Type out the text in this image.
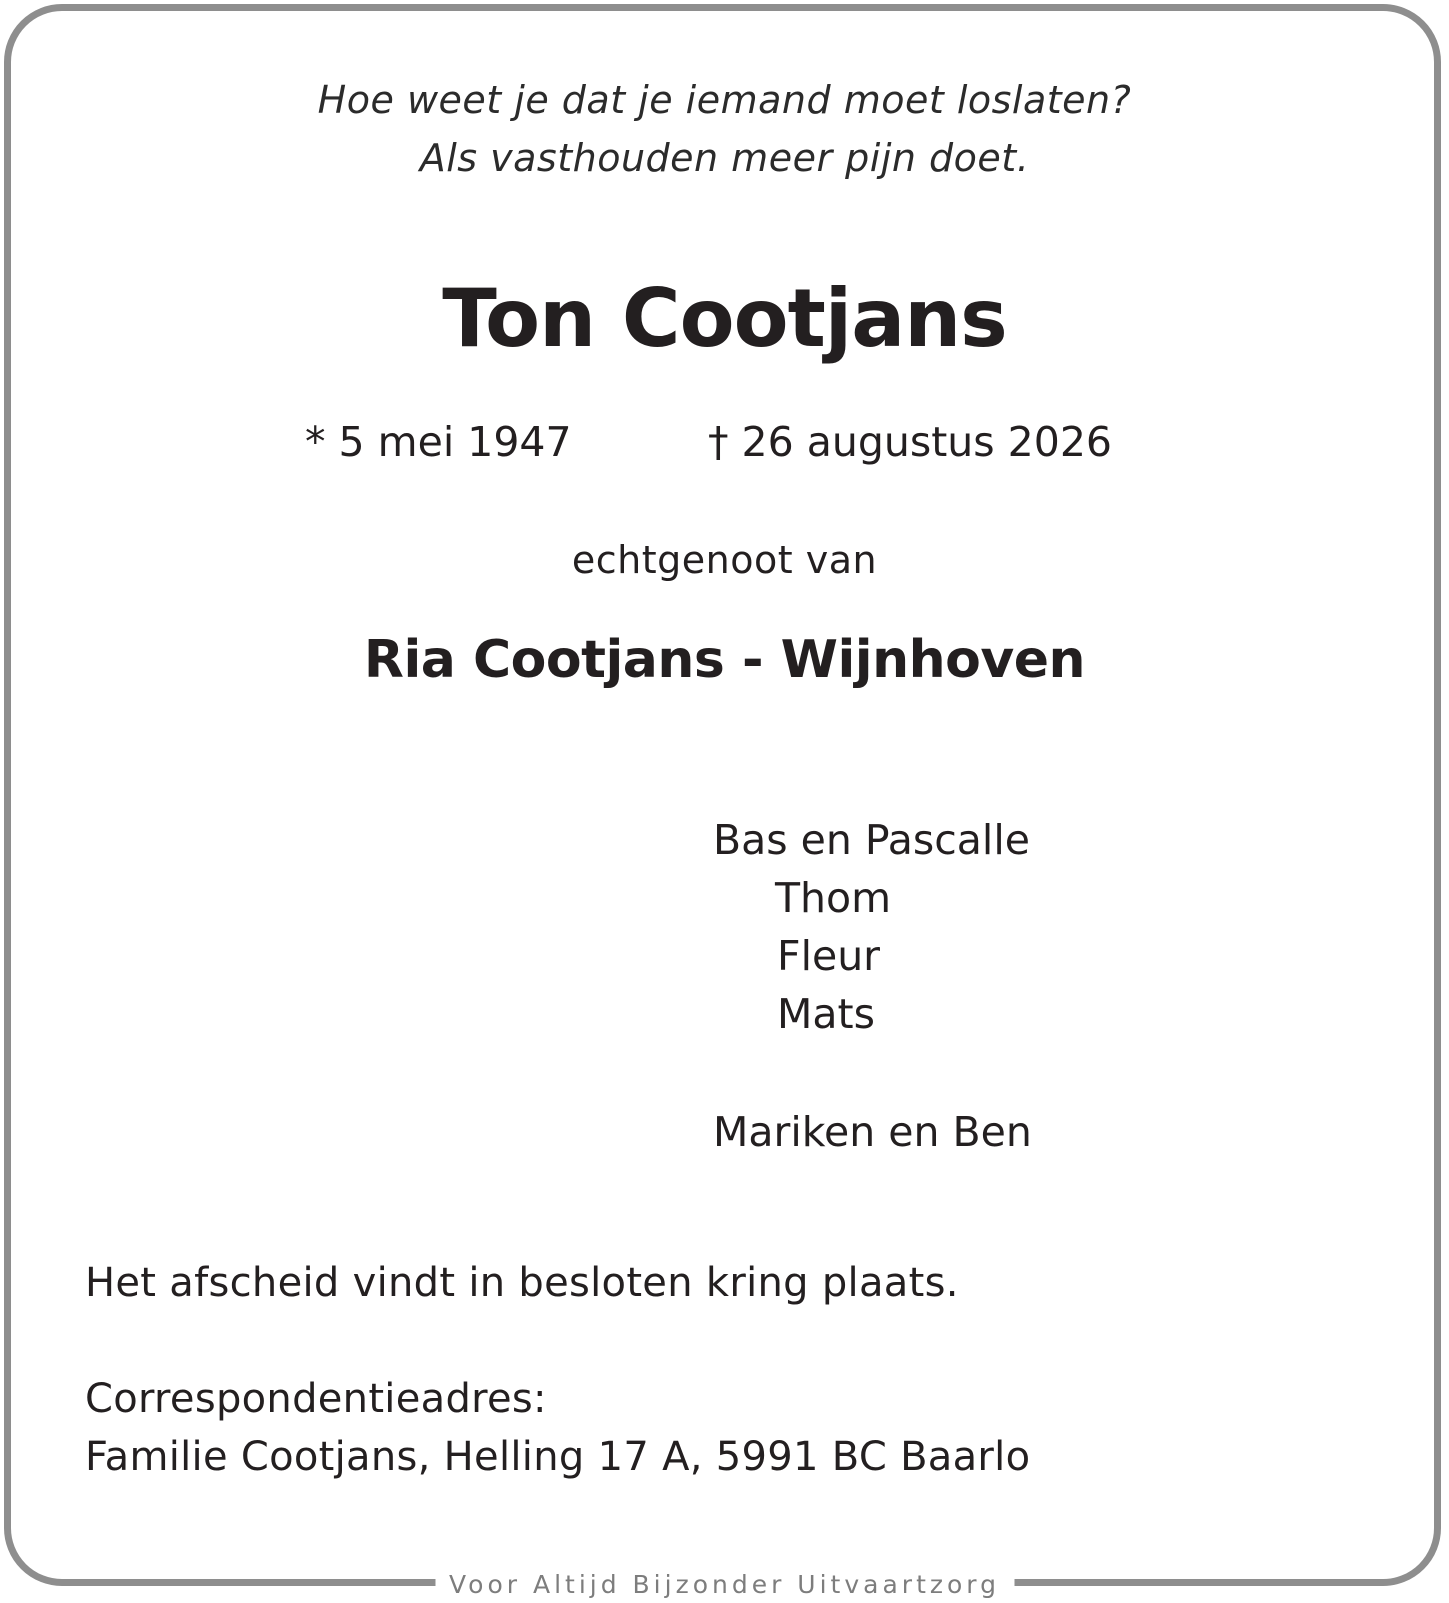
Hoe weet je dat je iemand moet loslaten?
Als vasthouden meer pijn doet.
Ton Cootjans
* 5 mei 1947	† 26 augustus 2026
echtgenoot van
Ria Cootjans - Wijnhoven
Bas en Pascalle
Thom
Fleur
Mats
Mariken en Ben
Het afscheid vindt in besloten kring plaats.
Correspondentieadres:
Familie Cootjans, Helling 17 A, 5991 BC Baarlo
Voor Altijd Bijzonder Uitvaartzorg
